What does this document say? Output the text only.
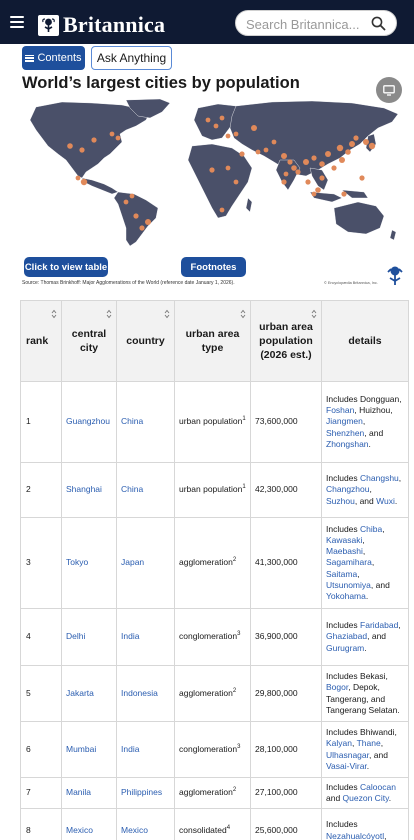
Britannica
Search Britannica...
Contents Ask Anything
World’s largest cities by population
Click to view table	Footnotes
Source: Thomas Brinkhoff: Major Agglomerations of the World (reference date January 1, 2026).	© Encyclopædia Britannica, Inc.
rank	central city	country	urban area type	urban area population (2026 est.)	details
1	Guangzhou	China	urban population$^1$	73,600,000	Includes Dongguan, Foshan, Huizhou, Jiangmen, Shenzhen, and Zhongshan.
2	Shanghai	China	urban population$^1$	42,300,000	Includes Changshu, Changzhou, Suzhou, and Wuxi.
3	Tokyo	Japan	agglomeration$^2$	41,300,000	Includes Chiba, Kawasaki, Maebashi, Sagamihara, Saitama, Utsunomiya, and Yokohama.
4	Delhi	India	conglomeration$^3$	36,900,000	Includes Faridabad, Ghaziabad, and Gurugram.
5	Jakarta	Indonesia	agglomeration$^2$	29,800,000	Includes Bekasi, Bogor, Depok, Tangerang, and Tangerang Selatan.
6	Mumbai	India	conglomeration$^3$	28,100,000	Includes Bhiwandi, Kalyan, Thane, Ulhasnagar, and Vasai-Virar.
7	Manila	Philippines	agglomeration$^2$	27,100,000	Includes Caloocan and Quezon City.
8	Mexico	Mexico	consolidated$^4$	25,600,000	Includes Nezahualcóyotl,
